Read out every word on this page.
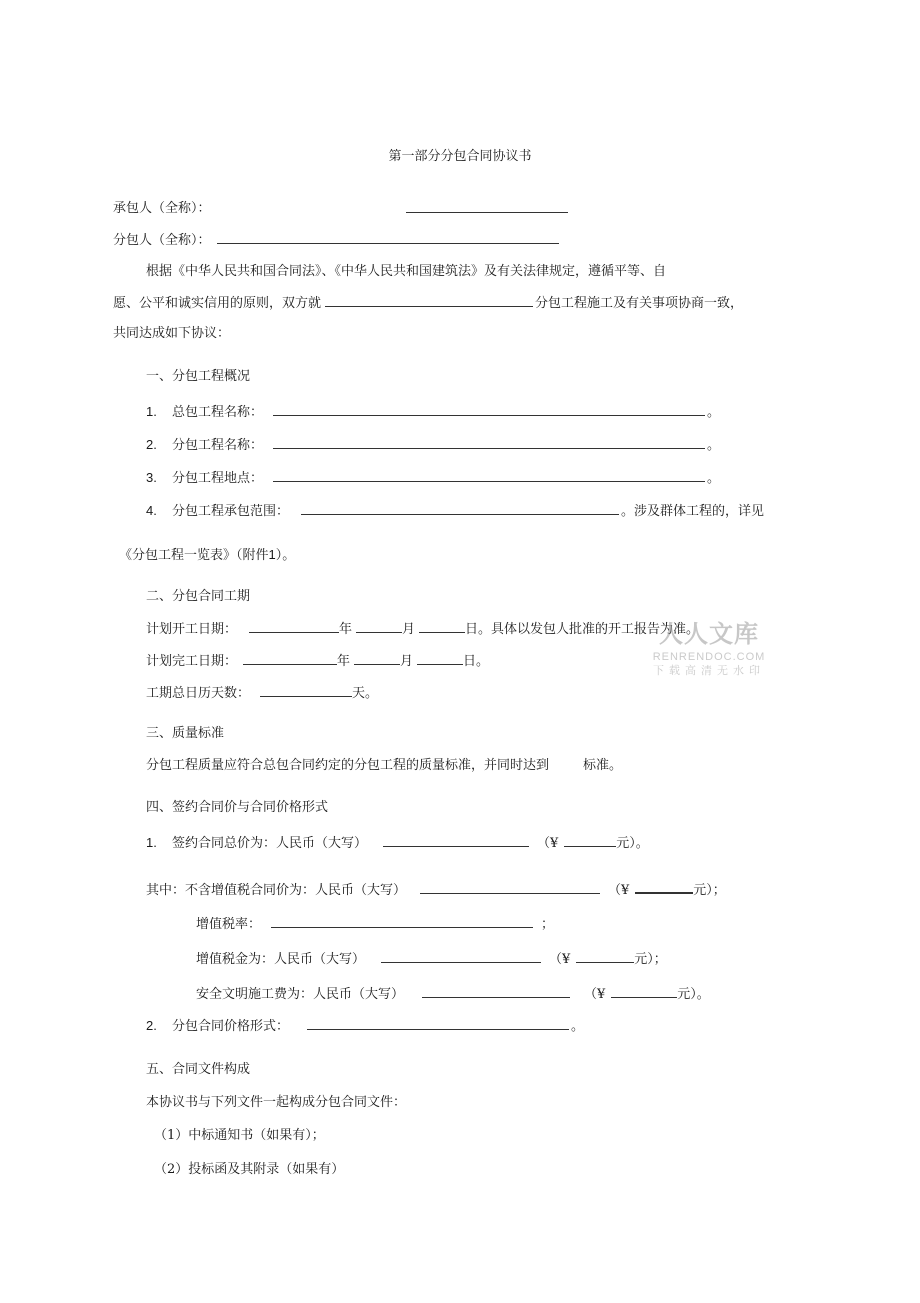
第一部分分包合同协议书
承包人（全称）：
分包人（全称）：
根据《中华人民共和国合同法》、《中华人民共和国建筑法》及有关法律规定，遵循平等、自
愿、公平和诚实信用的原则，双方就	分包工程施工及有关事项协商一致，
共同达成如下协议：
一、分包工程概况
1. 总包工程名称：	。
2. 分包工程名称：	。
3. 分包工程地点：	。
4. 分包工程承包范围：	。涉及群体工程的，详见
《分包工程一览表》（附件1）。
二、分包合同工期
计划开工日期：	年	月	日。具体以发包人批准的开工报告为准。
计划完工日期：	年	月	日。
工期总日历天数：	天。
三、质量标准
分包工程质量应符合总包合同约定的分包工程的质量标准，并同时达到	标准。
四、签约合同价与合同价格形式
1. 签约合同总价为：人民币（大写）	（¥	元）。
其中：不含增值税合同价为：人民币（大写）	（¥	元）；
增值税率：	；
增值税金为：人民币（大写）	（¥	元）；
安全文明施工费为：人民币（大写）	（¥	元）。
2. 分包合同价格形式：	。
五、合同文件构成
本协议书与下列文件一起构成分包合同文件：
（1）中标通知书（如果有）；
（2）投标函及其附录（如果有）
人人文库
RENRENDOC.COM
下载高清无水印
